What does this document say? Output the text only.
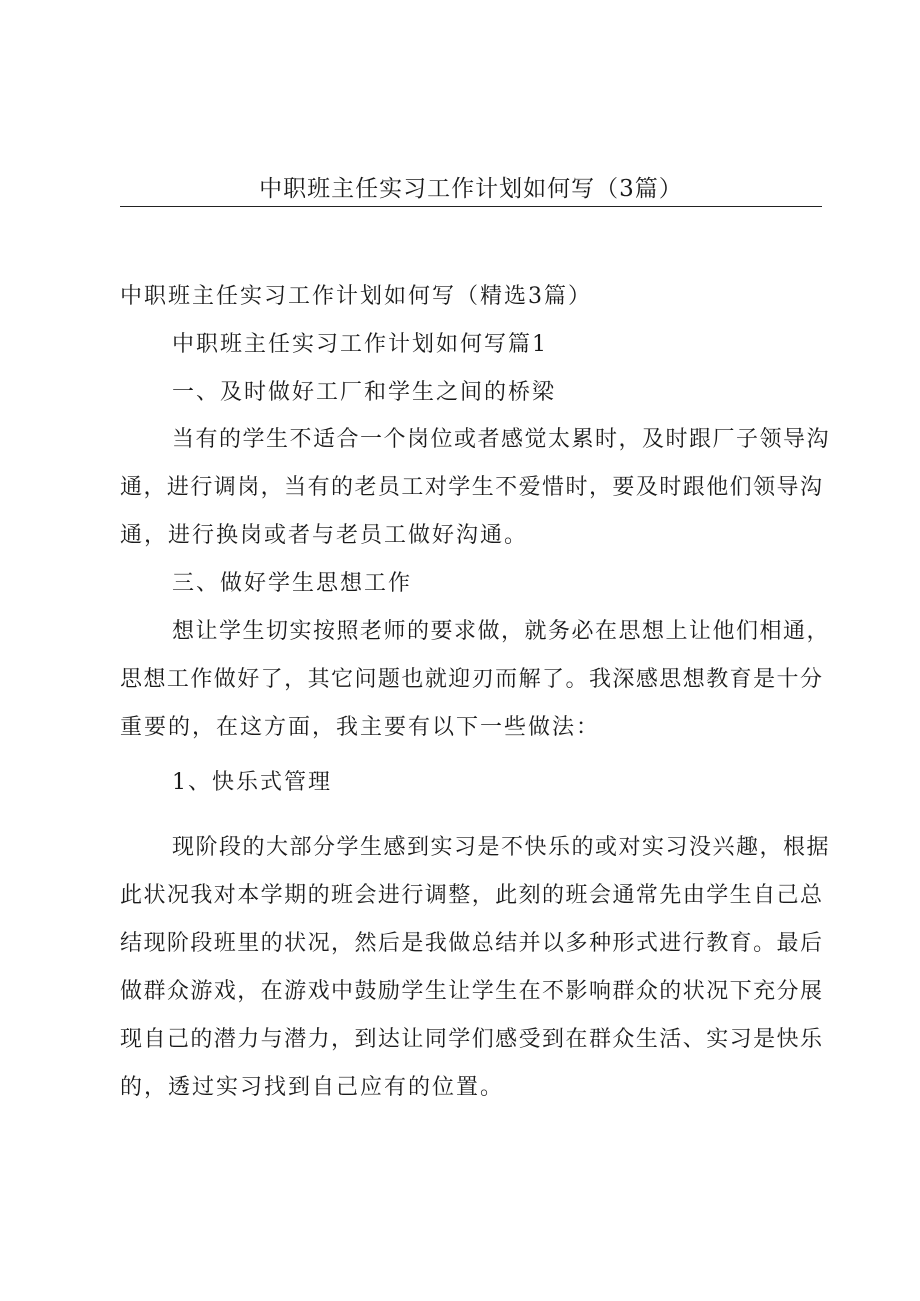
中职班主任实习工作计划如何写（3篇）

中职班主任实习工作计划如何写（精选3篇）

中职班主任实习工作计划如何写篇1

一、及时做好工厂和学生之间的桥梁

当有的学生不适合一个岗位或者感觉太累时，及时跟厂子领导沟

通，进行调岗，当有的老员工对学生不爱惜时，要及时跟他们领导沟

通，进行换岗或者与老员工做好沟通。

三、做好学生思想工作

想让学生切实按照老师的要求做，就务必在思想上让他们相通，

思想工作做好了，其它问题也就迎刃而解了。我深感思想教育是十分

重要的，在这方面，我主要有以下一些做法：

1、快乐式管理

现阶段的大部分学生感到实习是不快乐的或对实习没兴趣，根据

此状况我对本学期的班会进行调整，此刻的班会通常先由学生自己总

结现阶段班里的状况，然后是我做总结并以多种形式进行教育。最后

做群众游戏，在游戏中鼓励学生让学生在不影响群众的状况下充分展

现自己的潜力与潜力，到达让同学们感受到在群众生活、实习是快乐

的，透过实习找到自己应有的位置。
